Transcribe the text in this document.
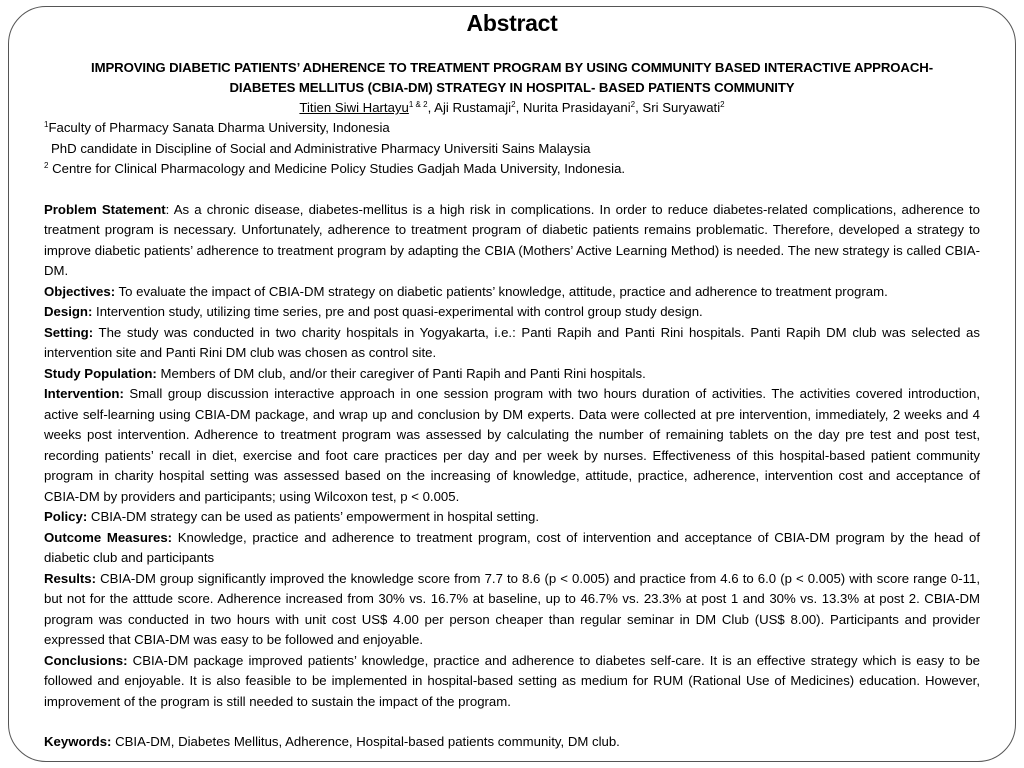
Abstract

IMPROVING DIABETIC PATIENTS’ ADHERENCE TO TREATMENT PROGRAM BY USING COMMUNITY BASED INTERACTIVE APPROACH-

DIABETES MELLITUS (CBIA-DM) STRATEGY IN HOSPITAL- BASED PATIENTS COMMUNITY

Titien Siwi Hartayu$^{1 \& 2}$, Aji Rustamaji$^2$, Nurita Prasidayani$^2$, Sri Suryawati$^2$

$^1$Faculty of Pharmacy Sanata Dharma University, Indonesia

PhD candidate in Discipline of Social and Administrative Pharmacy Universiti Sains Malaysia

$^2$ Centre for Clinical Pharmacology and Medicine Policy Studies Gadjah Mada University, Indonesia.

Problem Statement: As a chronic disease, diabetes-mellitus is a high risk in complications. In order to reduce diabetes-related complications, adherence to treatment program is necessary. Unfortunately, adherence to treatment program of diabetic patients remains problematic. Therefore, developed a strategy to improve diabetic patients’ adherence to treatment program by adapting the CBIA (Mothers’ Active Learning Method) is needed. The new strategy is called CBIA-DM.

Objectives: To evaluate the impact of CBIA-DM strategy on diabetic patients’ knowledge, attitude, practice and adherence to treatment program.

Design: Intervention study, utilizing time series, pre and post quasi-experimental with control group study design.

Setting: The study was conducted in two charity hospitals in Yogyakarta, i.e.: Panti Rapih and Panti Rini hospitals. Panti Rapih DM club was selected as intervention site and Panti Rini DM club was chosen as control site.

Study Population: Members of DM club, and/or their caregiver of Panti Rapih and Panti Rini hospitals.

Intervention: Small group discussion interactive approach in one session program with two hours duration of activities. The activities covered introduction, active self-learning using CBIA-DM package, and wrap up and conclusion by DM experts. Data were collected at pre intervention, immediately, 2 weeks and 4 weeks post intervention. Adherence to treatment program was assessed by calculating the number of remaining tablets on the day pre test and post test, recording patients’ recall in diet, exercise and foot care practices per day and per week by nurses. Effectiveness of this hospital-based patient community program in charity hospital setting was assessed based on the increasing of knowledge, attitude, practice, adherence, intervention cost and acceptance of CBIA-DM by providers and participants; using Wilcoxon test, p < 0.005.

Policy: CBIA-DM strategy can be used as patients’ empowerment in hospital setting.

Outcome Measures: Knowledge, practice and adherence to treatment program, cost of intervention and acceptance of CBIA-DM program by the head of diabetic club and participants

Results: CBIA-DM group significantly improved the knowledge score from 7.7 to 8.6 (p < 0.005) and practice from 4.6 to 6.0 (p < 0.005) with score range 0-11, but not for the atttude score. Adherence increased from 30% vs. 16.7% at baseline, up to 46.7% vs. 23.3% at post 1 and 30% vs. 13.3% at post 2. CBIA-DM program was conducted in two hours with unit cost US$ 4.00 per person cheaper than regular seminar in DM Club (US$ 8.00). Participants and provider expressed that CBIA-DM was easy to be followed and enjoyable.

Conclusions: CBIA-DM package improved patients’ knowledge, practice and adherence to diabetes self-care. It is an effective strategy which is easy to be followed and enjoyable. It is also feasible to be implemented in hospital-based setting as medium for RUM (Rational Use of Medicines) education. However, improvement of the program is still needed to sustain the impact of the program.

Keywords: CBIA-DM, Diabetes Mellitus, Adherence, Hospital-based patients community, DM club.
